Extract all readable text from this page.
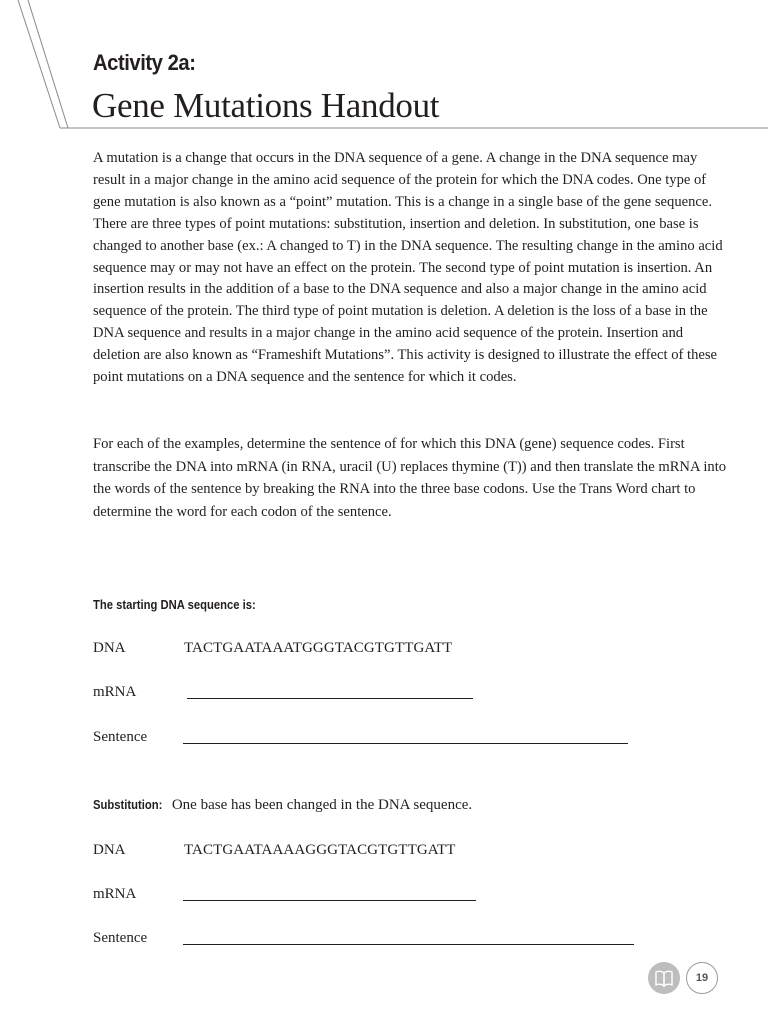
Activity 2a:
Gene Mutations Handout

A mutation is a change that occurs in the DNA sequence of a gene. A change in the DNA sequence may result in a major change in the amino acid sequence of the protein for which the DNA codes. One type of gene mutation is also known as a “point” mutation. This is a change in a single base of the gene sequence. There are three types of point mutations: substitution, insertion and deletion. In substitution, one base is changed to another base (ex.: A changed to T) in the DNA sequence. The resulting change in the amino acid sequence may or may not have an effect on the protein. The second type of point mutation is insertion. An insertion results in the addition of a base to the DNA sequence and also a major change in the amino acid sequence of the protein. The third type of point mutation is deletion. A deletion is the loss of a base in the DNA sequence and results in a major change in the amino acid sequence of the protein. Insertion and deletion are also known as “Frameshift Mutations”. This activity is designed to illustrate the effect of these point mutations on a DNA sequence and the sentence for which it codes.

For each of the examples, determine the sentence of for which this DNA (gene) sequence codes. First transcribe the DNA into mRNA (in RNA, uracil (U) replaces thymine (T)) and then translate the mRNA into the words of the sentence by breaking the RNA into the three base codons. Use the Trans Word chart to determine the word for each codon of the sentence.

The starting DNA sequence is:
DNA	TACTGAATAAATGGGTACGTGTTGATT
mRNA
Sentence
Substitution: One base has been changed in the DNA sequence.
DNA	TACTGAATAAAAGGGTACGTGTTGATT
mRNA
Sentence
19
